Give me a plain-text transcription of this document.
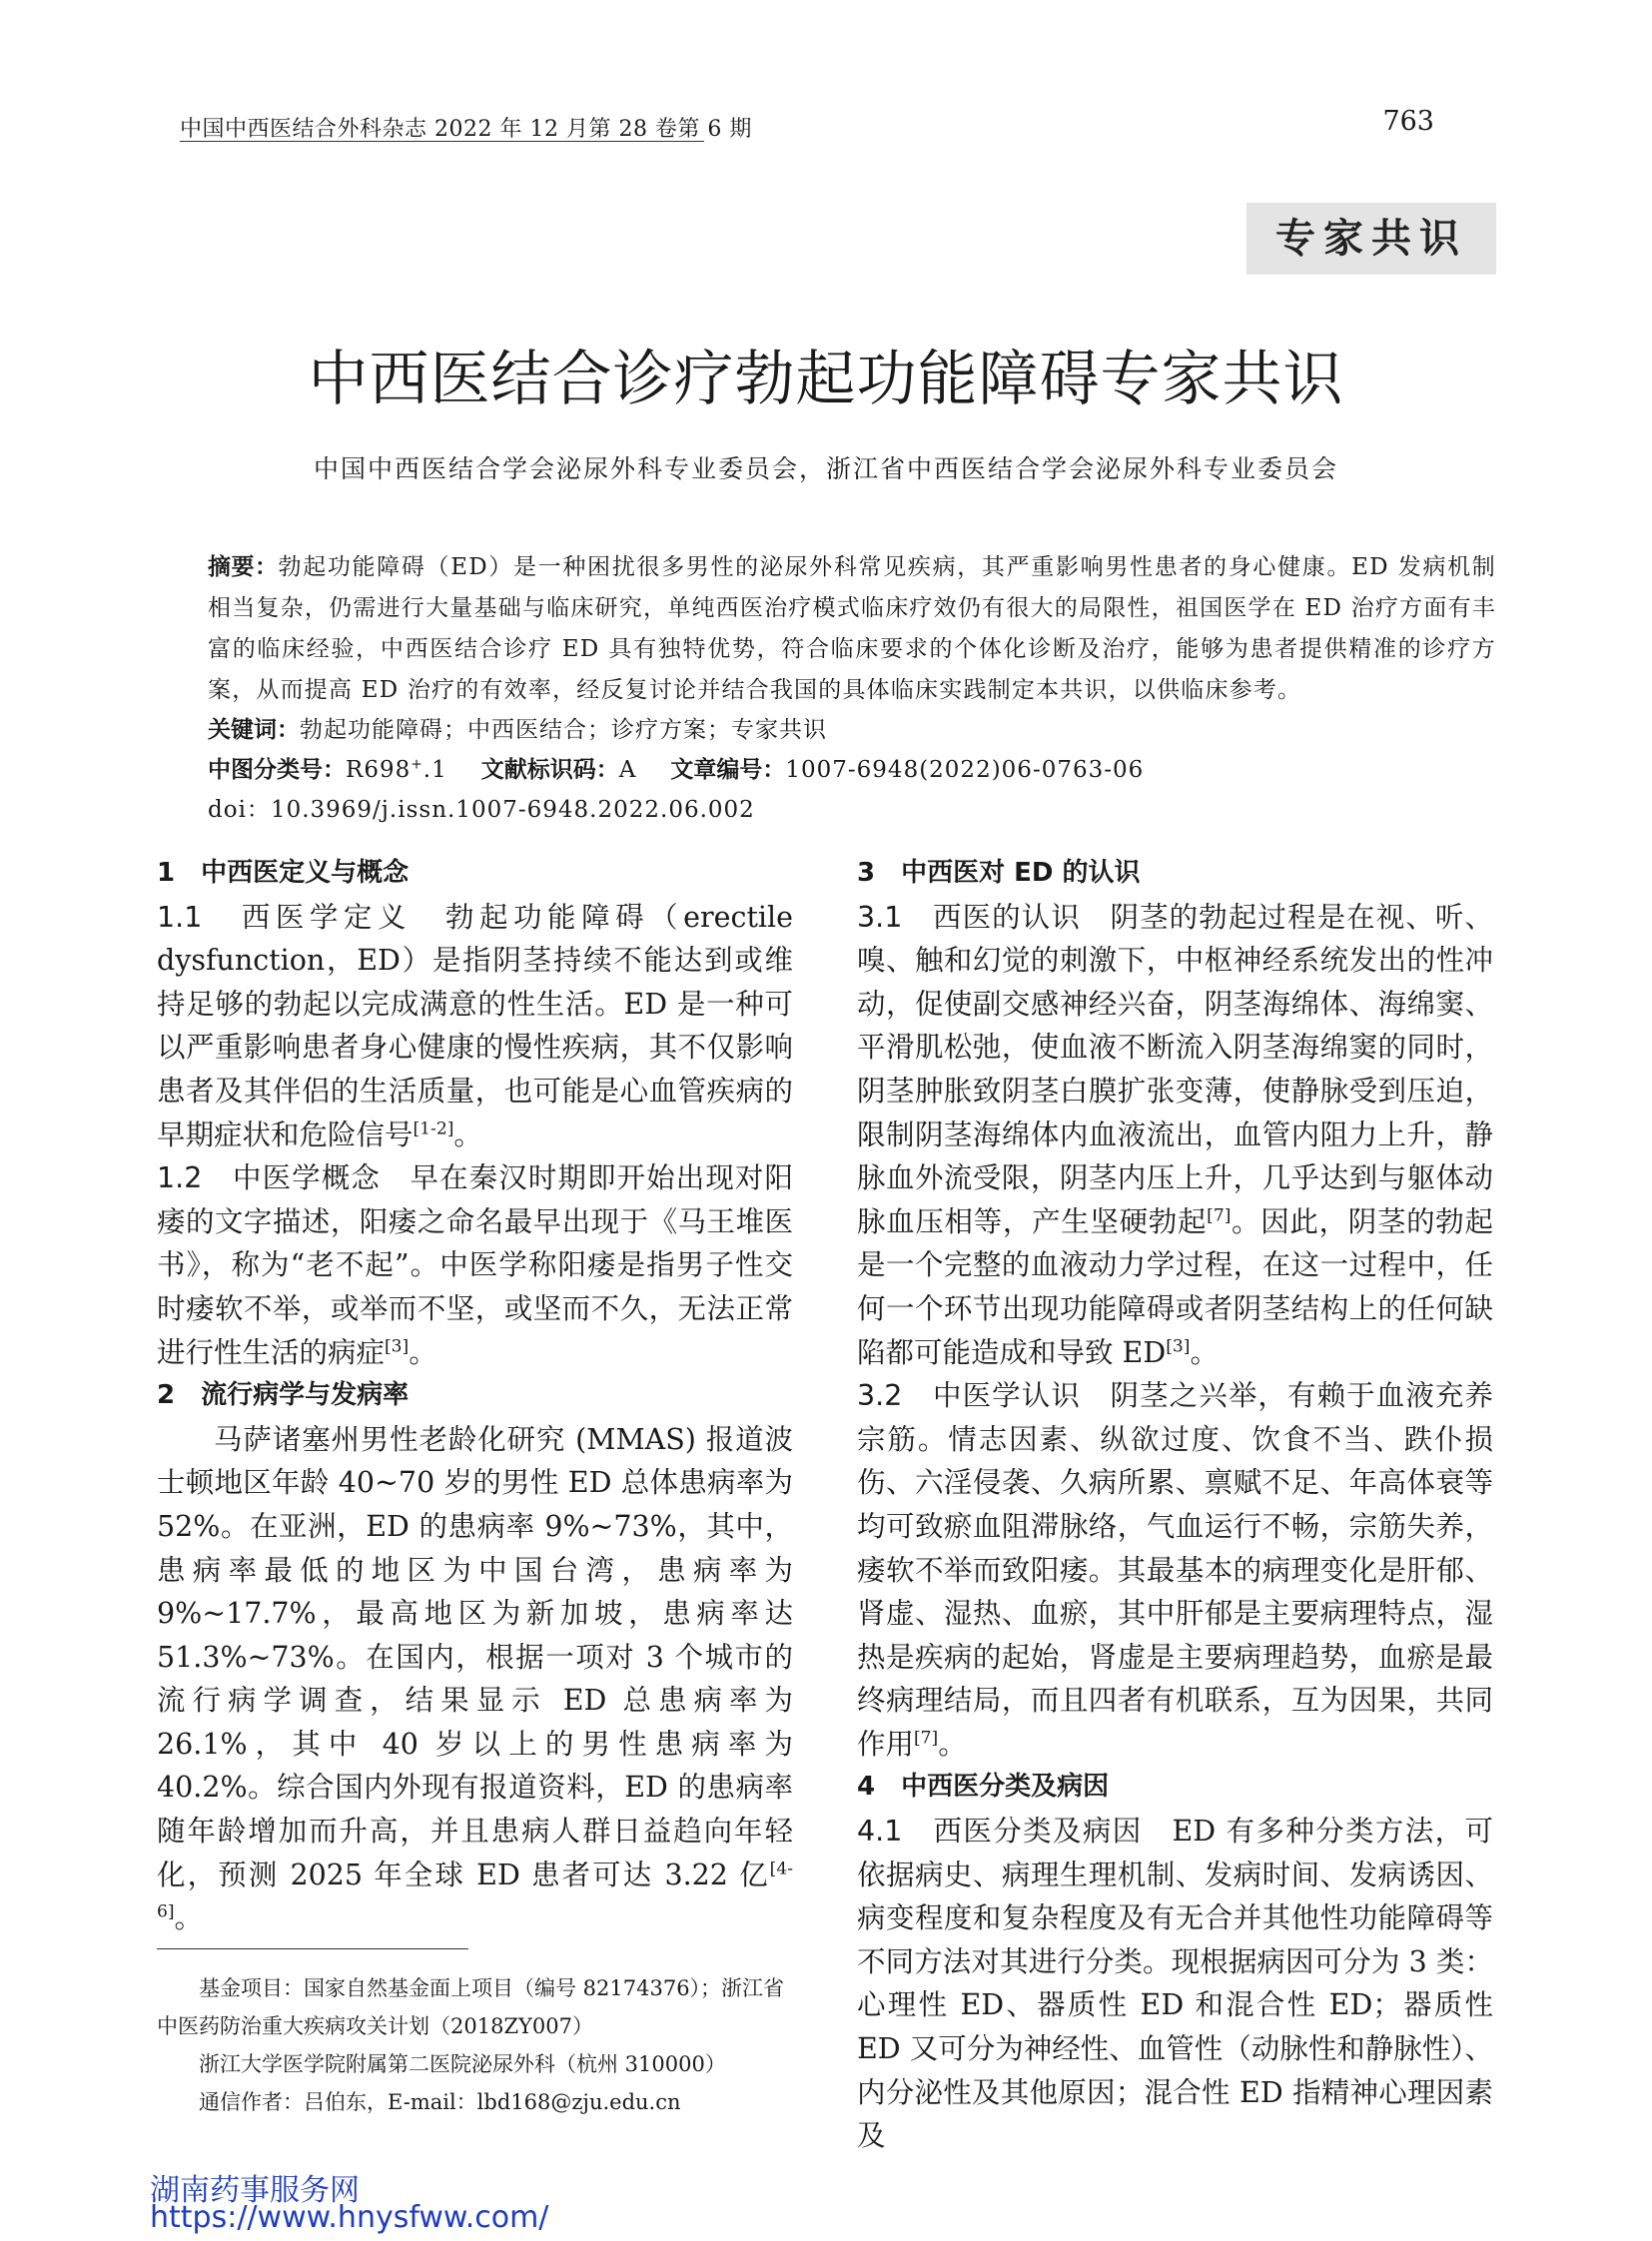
中国中西医结合外科杂志 2022 年 12 月第 28 卷第 6 期	763
专家共识
中西医结合诊疗勃起功能障碍专家共识
中国中西医结合学会泌尿外科专业委员会，浙江省中西医结合学会泌尿外科专业委员会
摘要：勃起功能障碍（ED）是一种困扰很多男性的泌尿外科常见疾病，其严重影响男性患者的身心健康。ED 发病机制相当复杂，仍需进行大量基础与临床研究，单纯西医治疗模式临床疗效仍有很大的局限性，祖国医学在 ED 治疗方面有丰富的临床经验，中西医结合诊疗 ED 具有独特优势，符合临床要求的个体化诊断及治疗，能够为患者提供精准的诊疗方案，从而提高 ED 治疗的有效率，经反复讨论并结合我国的具体临床实践制定本共识，以供临床参考。
关键词：勃起功能障碍；中西医结合；诊疗方案；专家共识
中图分类号：R698+.1 文献标识码：A 文章编号：1007-6948(2022)06-0763-06
doi：10.3969/j.issn.1007-6948.2022.06.002

1　中西医定义与概念

1.1　西医学定义　勃起功能障碍（erectile dysfunction，ED）是指阴茎持续不能达到或维持足够的勃起以完成满意的性生活。ED 是一种可以严重影响患者身心健康的慢性疾病，其不仅影响患者及其伴侣的生活质量，也可能是心血管疾病的早期症状和危险信号[1-2]。

1.2　中医学概念　早在秦汉时期即开始出现对阳痿的文字描述，阳痿之命名最早出现于《马王堆医书》，称为“老不起”。中医学称阳痿是指男子性交时痿软不举，或举而不坚，或坚而不久，无法正常进行性生活的病症[3]。

2　流行病学与发病率

马萨诸塞州男性老龄化研究 (MMAS) 报道波士顿地区年龄 40~70 岁的男性 ED 总体患病率为 52%。在亚洲，ED 的患病率 9%~73%，其中，患病率最低的地区为中国台湾，患病率为 9%~17.7%，最高地区为新加坡，患病率达 51.3%~73%。在国内，根据一项对 3 个城市的流行病学调查，结果显示 ED 总患病率为 26.1%，其中 40 岁以上的男性患病率为 40.2%。综合国内外现有报道资料，ED 的患病率随年龄增加而升高，并且患病人群日益趋向年轻化，预测 2025 年全球 ED 患者可达 3.22 亿[4-6]。

3　中西医对 ED 的认识

3.1　西医的认识　阴茎的勃起过程是在视、听、嗅、触和幻觉的刺激下，中枢神经系统发出的性冲动，促使副交感神经兴奋，阴茎海绵体、海绵窦、平滑肌松弛，使血液不断流入阴茎海绵窦的同时，阴茎肿胀致阴茎白膜扩张变薄，使静脉受到压迫，限制阴茎海绵体内血液流出，血管内阻力上升，静脉血外流受限，阴茎内压上升，几乎达到与躯体动脉血压相等，产生坚硬勃起[7]。因此，阴茎的勃起是一个完整的血液动力学过程，在这一过程中，任何一个环节出现功能障碍或者阴茎结构上的任何缺陷都可能造成和导致 ED[3]。

3.2　中医学认识　阴茎之兴举，有赖于血液充养宗筋。情志因素、纵欲过度、饮食不当、跌仆损伤、六淫侵袭、久病所累、禀赋不足、年高体衰等均可致瘀血阻滞脉络，气血运行不畅，宗筋失养，痿软不举而致阳痿。其最基本的病理变化是肝郁、肾虚、湿热、血瘀，其中肝郁是主要病理特点，湿热是疾病的起始，肾虚是主要病理趋势，血瘀是最终病理结局，而且四者有机联系，互为因果，共同作用[7]。

4　中西医分类及病因

4.1　西医分类及病因　ED 有多种分类方法，可依据病史、病理生理机制、发病时间、发病诱因、病变程度和复杂程度及有无合并其他性功能障碍等不同方法对其进行分类。现根据病因可分为 3 类：心理性 ED、器质性 ED 和混合性 ED；器质性 ED 又可分为神经性、血管性（动脉性和静脉性）、内分泌性及其他原因；混合性 ED 指精神心理因素及

基金项目：国家自然基金面上项目（编号 82174376）；浙江省中医药防治重大疾病攻关计划（2018ZY007）

浙江大学医学院附属第二医院泌尿外科（杭州 310000）

通信作者：吕伯东，E-mail：lbd168@zju.edu.cn

湖南药事服务网
https://www.hnysfww.com/
